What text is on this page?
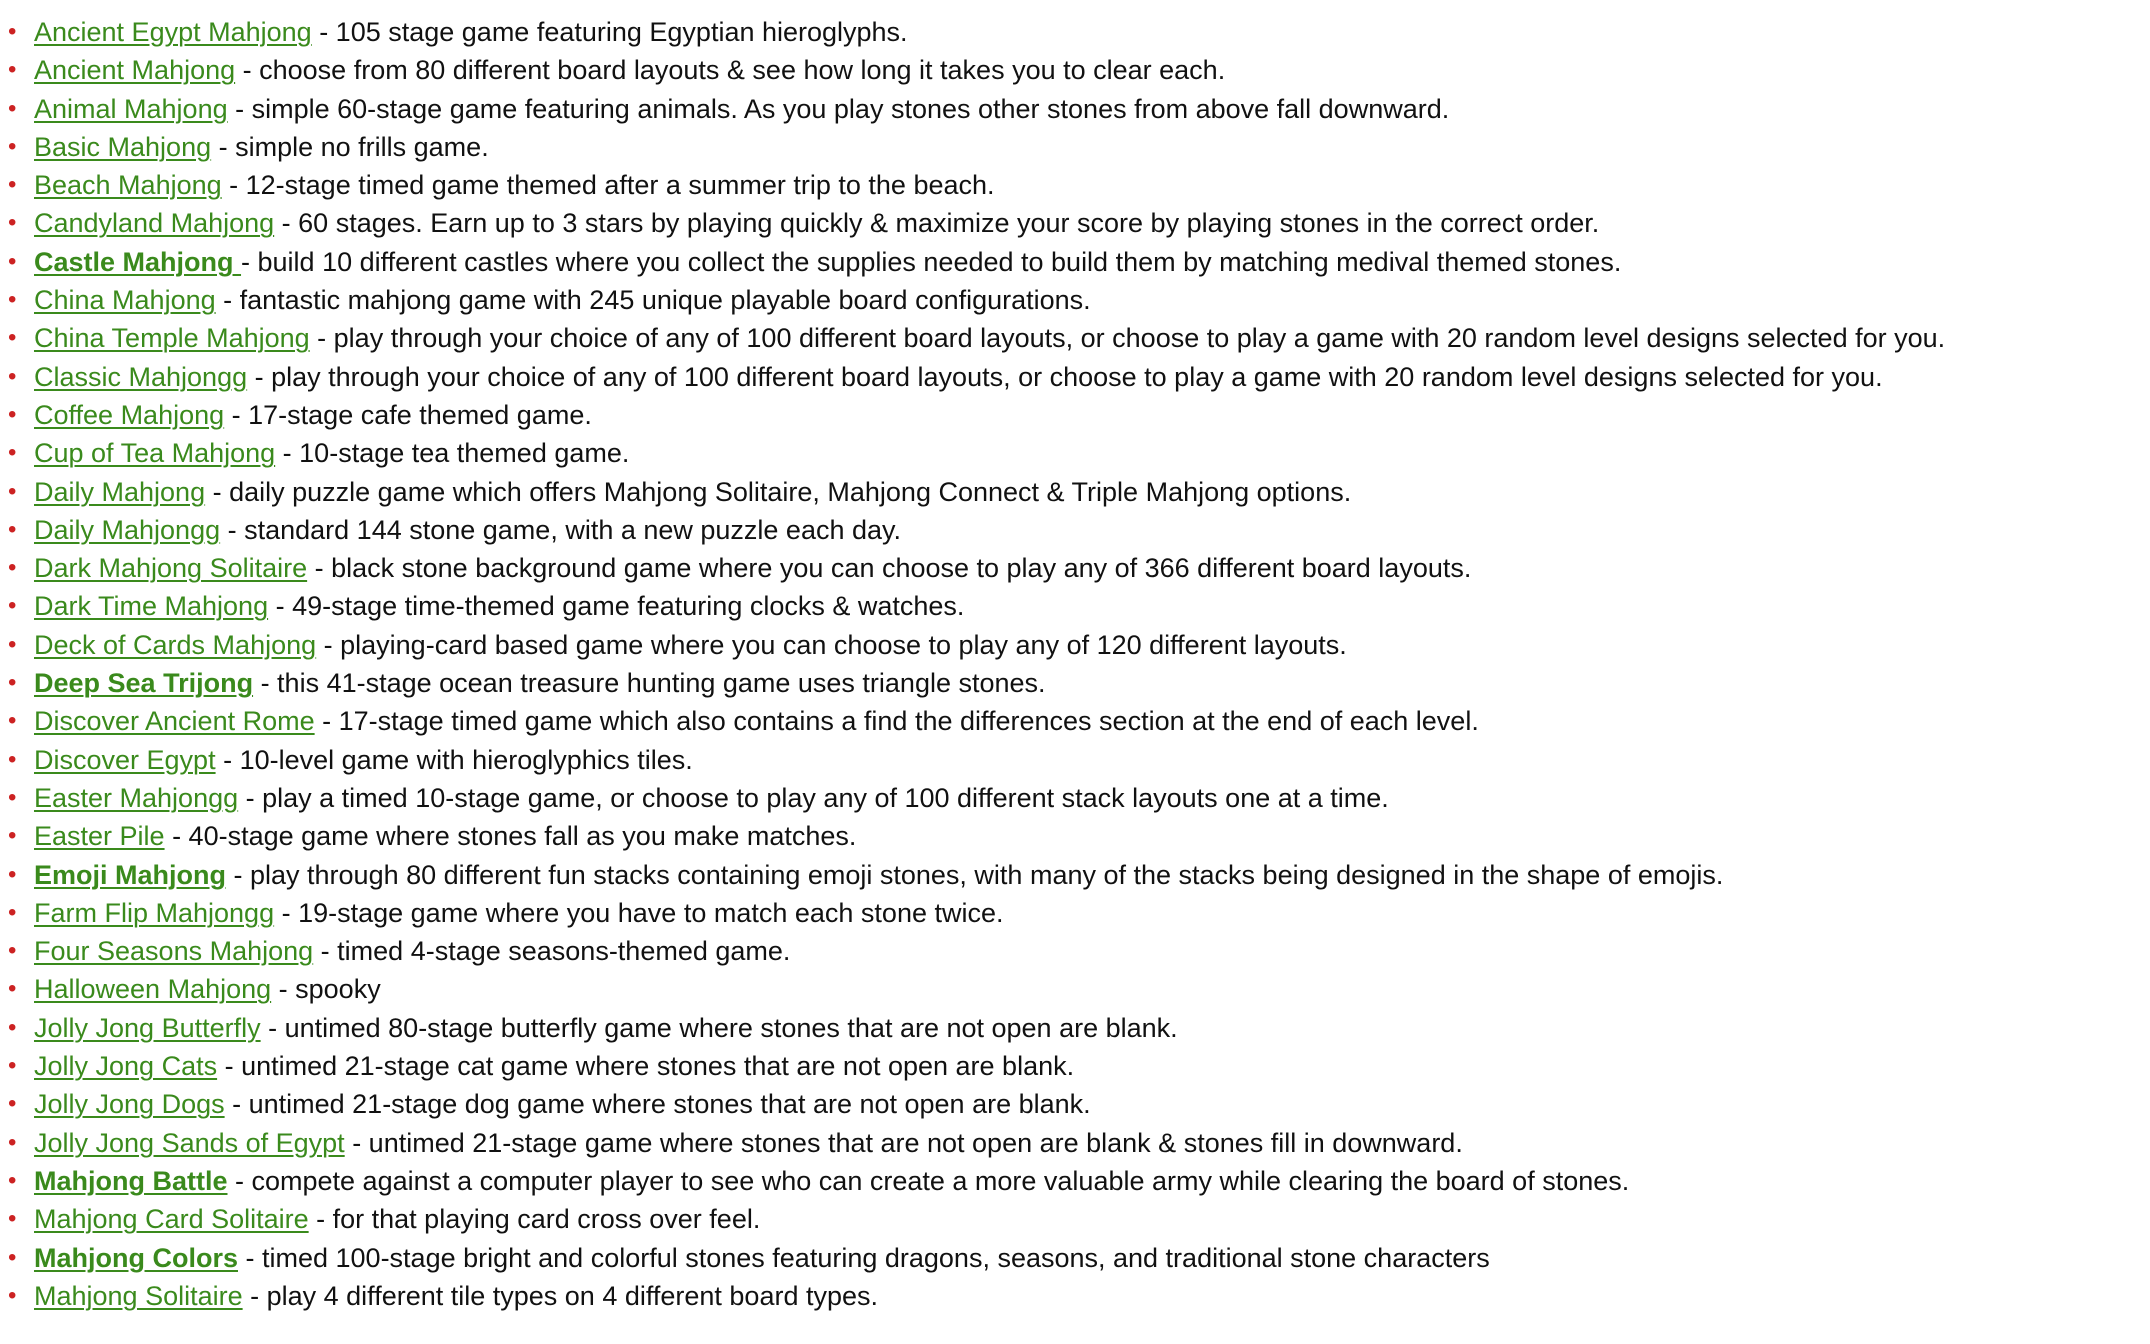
• Ancient Egypt Mahjong - 105 stage game featuring Egyptian hieroglyphs.
• Ancient Mahjong - choose from 80 different board layouts & see how long it takes you to clear each.
• Animal Mahjong - simple 60-stage game featuring animals. As you play stones other stones from above fall downward.
• Basic Mahjong - simple no frills game.
• Beach Mahjong - 12-stage timed game themed after a summer trip to the beach.
• Candyland Mahjong - 60 stages. Earn up to 3 stars by playing quickly & maximize your score by playing stones in the correct order.
• Castle Mahjong - build 10 different castles where you collect the supplies needed to build them by matching medival themed stones.
• China Mahjong - fantastic mahjong game with 245 unique playable board configurations.
• China Temple Mahjong - play through your choice of any of 100 different board layouts, or choose to play a game with 20 random level designs selected for you.
• Classic Mahjongg - play through your choice of any of 100 different board layouts, or choose to play a game with 20 random level designs selected for you.
• Coffee Mahjong - 17-stage cafe themed game.
• Cup of Tea Mahjong - 10-stage tea themed game.
• Daily Mahjong - daily puzzle game which offers Mahjong Solitaire, Mahjong Connect & Triple Mahjong options.
• Daily Mahjongg - standard 144 stone game, with a new puzzle each day.
• Dark Mahjong Solitaire - black stone background game where you can choose to play any of 366 different board layouts.
• Dark Time Mahjong - 49-stage time-themed game featuring clocks & watches.
• Deck of Cards Mahjong - playing-card based game where you can choose to play any of 120 different layouts.
• Deep Sea Trijong - this 41-stage ocean treasure hunting game uses triangle stones.
• Discover Ancient Rome - 17-stage timed game which also contains a find the differences section at the end of each level.
• Discover Egypt - 10-level game with hieroglyphics tiles.
• Easter Mahjongg - play a timed 10-stage game, or choose to play any of 100 different stack layouts one at a time.
• Easter Pile - 40-stage game where stones fall as you make matches.
• Emoji Mahjong - play through 80 different fun stacks containing emoji stones, with many of the stacks being designed in the shape of emojis.
• Farm Flip Mahjongg - 19-stage game where you have to match each stone twice.
• Four Seasons Mahjong - timed 4-stage seasons-themed game.
• Halloween Mahjong - spooky
• Jolly Jong Butterfly - untimed 80-stage butterfly game where stones that are not open are blank.
• Jolly Jong Cats - untimed 21-stage cat game where stones that are not open are blank.
• Jolly Jong Dogs - untimed 21-stage dog game where stones that are not open are blank.
• Jolly Jong Sands of Egypt - untimed 21-stage game where stones that are not open are blank & stones fill in downward.
• Mahjong Battle - compete against a computer player to see who can create a more valuable army while clearing the board of stones.
• Mahjong Card Solitaire - for that playing card cross over feel.
• Mahjong Colors - timed 100-stage bright and colorful stones featuring dragons, seasons, and traditional stone characters
• Mahjong Solitaire - play 4 different tile types on 4 different board types.
